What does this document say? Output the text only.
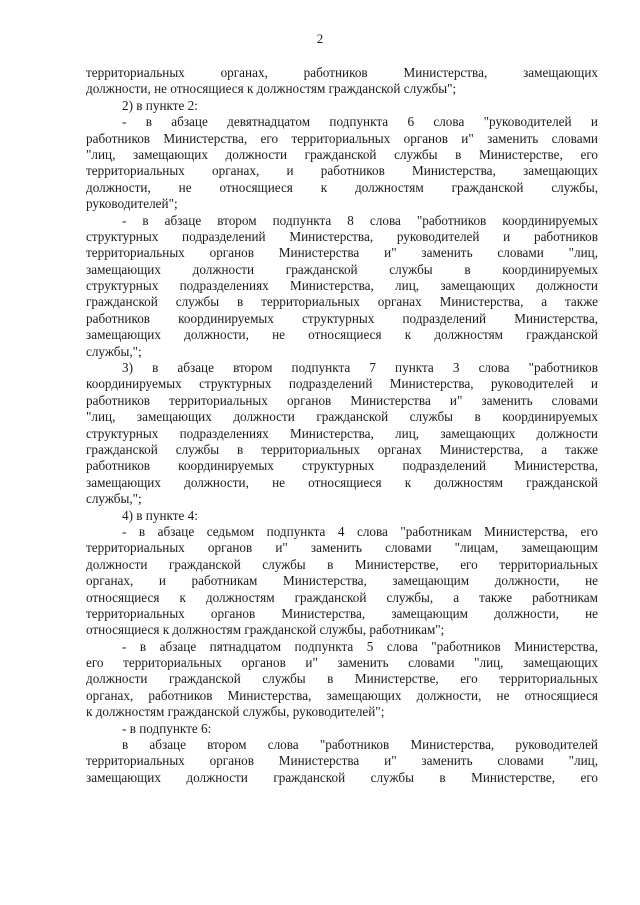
2
территориальных органах, работников Министерства, замещающих
должности, не относящиеся к должностям гражданской службы";
2) в пункте 2:
- в абзаце девятнадцатом подпункта 6 слова "руководителей и
работников Министерства, его территориальных органов и" заменить словами
"лиц, замещающих должности гражданской службы в Министерстве, его
территориальных органах, и работников Министерства, замещающих
должности, не относящиеся к должностям гражданской службы,
руководителей";
- в абзаце втором подпункта 8 слова "работников координируемых
структурных подразделений Министерства, руководителей и работников
территориальных органов Министерства и" заменить словами "лиц,
замещающих должности гражданской службы в координируемых
структурных подразделениях Министерства, лиц, замещающих должности
гражданской службы в территориальных органах Министерства, а также
работников координируемых структурных подразделений Министерства,
замещающих должности, не относящиеся к должностям гражданской
службы,";
3) в абзаце втором подпункта 7 пункта 3 слова "работников
координируемых структурных подразделений Министерства, руководителей и
работников территориальных органов Министерства и" заменить словами
"лиц, замещающих должности гражданской службы в координируемых
структурных подразделениях Министерства, лиц, замещающих должности
гражданской службы в территориальных органах Министерства, а также
работников координируемых структурных подразделений Министерства,
замещающих должности, не относящиеся к должностям гражданской
службы,";
4) в пункте 4:
- в абзаце седьмом подпункта 4 слова "работникам Министерства, его
территориальных органов и" заменить словами "лицам, замещающим
должности гражданской службы в Министерстве, его территориальных
органах, и работникам Министерства, замещающим должности, не
относящиеся к должностям гражданской службы, а также работникам
территориальных органов Министерства, замещающим должности, не
относящиеся к должностям гражданской службы, работникам";
- в абзаце пятнадцатом подпункта 5 слова "работников Министерства,
его территориальных органов и" заменить словами "лиц, замещающих
должности гражданской службы в Министерстве, его территориальных
органах, работников Министерства, замещающих должности, не относящиеся
к должностям гражданской службы, руководителей";
- в подпункте 6:
в абзаце втором слова "работников Министерства, руководителей
территориальных органов Министерства и" заменить словами "лиц,
замещающих должности гражданской службы в Министерстве, его
